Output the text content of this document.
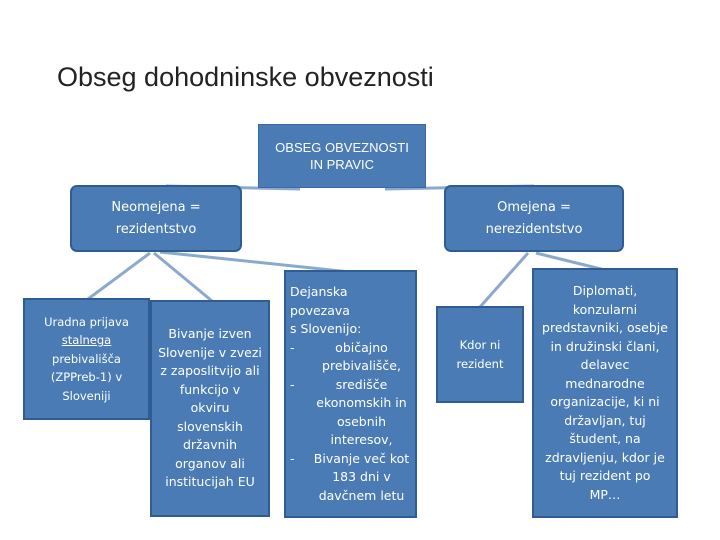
Obseg dohodninske obveznosti
OBSEG OBVEZNOSTI
IN PRAVIC
Neomejena =
rezidentstvo
Omejena =
nerezidentstvo
Uradna prijava
stalnega
prebivališča
(ZPPreb-1) v
Sloveniji
Bivanje izven
Slovenije v zvezi
z zaposlitvijo ali
funkcijo v
okviru
slovenskih
državnih
organov ali
institucijah EU
Dejanska povezava
s Slovenijo:
-	običajno
prebivališče,
-	središče
ekonomskih in
osebnih
interesov,
-	Bivanje več kot
183 dni v
davčnem letu
Kdor ni
rezident
Diplomati,
konzularni
predstavniki, osebje
in družinski člani,
delavec
mednarodne
organizacije, ki ni
državljan, tuj
študent, na
zdravljenju, kdor je
tuj rezident po
MP…
